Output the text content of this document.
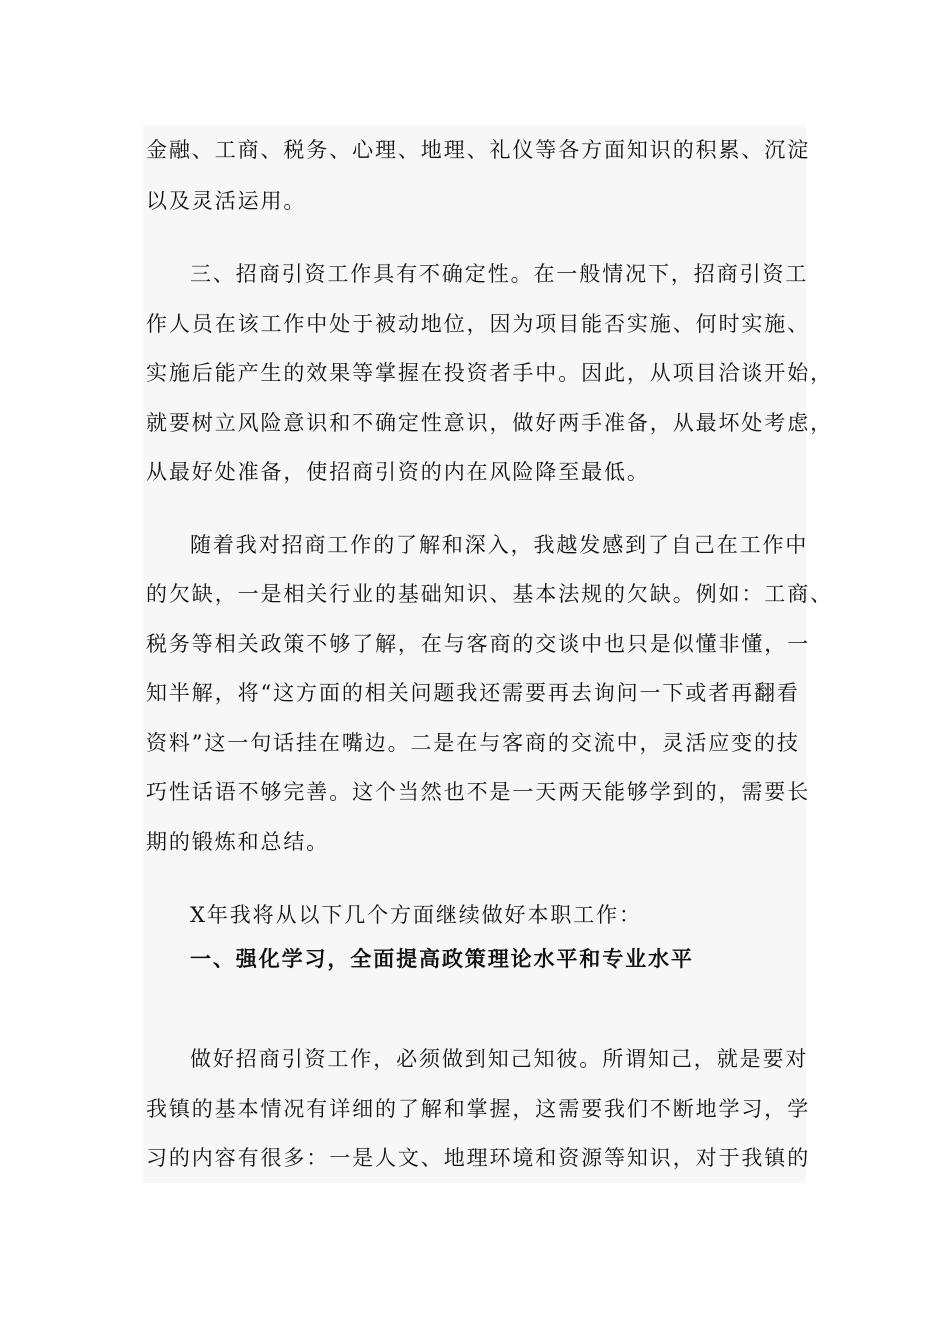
金融、工商、税务、心理、地理、礼仪等各方面知识的积累、沉淀

以及灵活运用。

三、招商引资工作具有不确定性。在一般情况下，招商引资工

作人员在该工作中处于被动地位，因为项目能否实施、何时实施、

实施后能产生的效果等掌握在投资者手中。因此，从项目洽谈开始，

就要树立风险意识和不确定性意识，做好两手准备，从最坏处考虑，

从最好处准备，使招商引资的内在风险降至最低。

随着我对招商工作的了解和深入，我越发感到了自己在工作中

的欠缺，一是相关行业的基础知识、基本法规的欠缺。例如：工商、

税务等相关政策不够了解，在与客商的交谈中也只是似懂非懂，一

知半解，将“这方面的相关问题我还需要再去询问一下或者再翻看

资料”这一句话挂在嘴边。二是在与客商的交流中，灵活应变的技

巧性话语不够完善。这个当然也不是一天两天能够学到的，需要长

期的锻炼和总结。

X年我将从以下几个方面继续做好本职工作：

一、强化学习，全面提高政策理论水平和专业水平

做好招商引资工作，必须做到知己知彼。所谓知己，就是要对

我镇的基本情况有详细的了解和掌握，这需要我们不断地学习，学

习的内容有很多：一是人文、地理环境和资源等知识，对于我镇的
